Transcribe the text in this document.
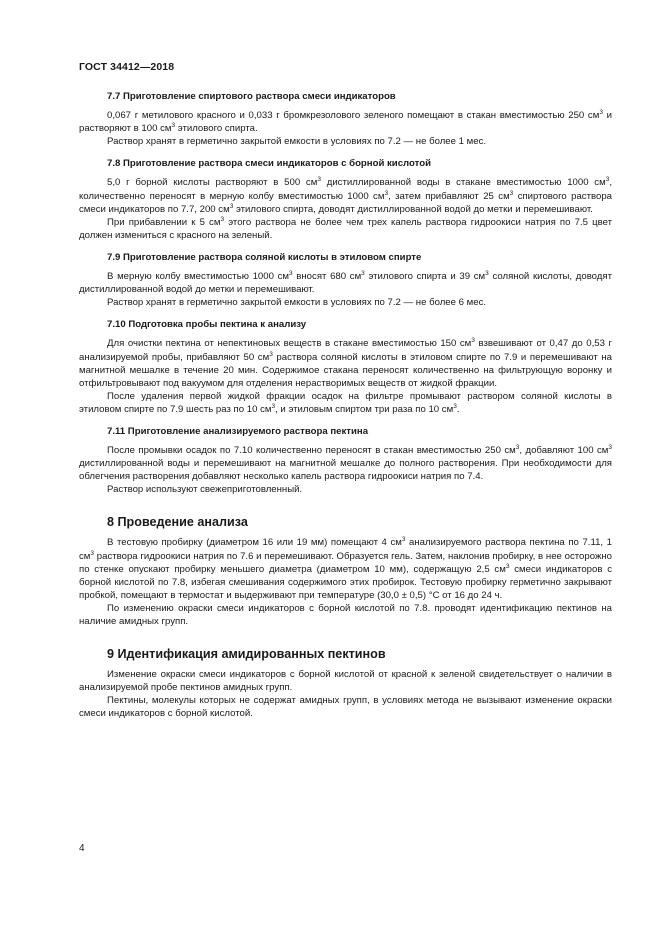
ГОСТ 34412—2018
7.7 Приготовление спиртового раствора смеси индикаторов

0,067 г метилового красного и 0,033 г бромкрезолового зеленого помещают в стакан вместимостью 250 $см^3$ и растворяют в 100 $см^3$ этилового спирта.

Раствор хранят в герметично закрытой емкости в условиях по 7.2 — не более 1 мес.

7.8 Приготовление раствора смеси индикаторов с борной кислотой

5,0 г борной кислоты растворяют в 500 $см^3$ дистиллированной воды в стакане вместимостью 1000 $см^3$, количественно переносят в мерную колбу вместимостью 1000 $см^3$, затем прибавляют 25 $см^3$ спиртового раствора смеси индикаторов по 7.7, 200 $см^3$ этилового спирта, доводят дистиллированной водой до метки и перемешивают.

При прибавлении к 5 $см^3$ этого раствора не более чем трех капель раствора гидроокиси натрия по 7.5 цвет должен измениться с красного на зеленый.

7.9 Приготовление раствора соляной кислоты в этиловом спирте

В мерную колбу вместимостью 1000 $см^3$ вносят 680 $см^3$ этилового спирта и 39 $см^3$ соляной кислоты, доводят дистиллированной водой до метки и перемешивают.

Раствор хранят в герметично закрытой емкости в условиях по 7.2 — не более 6 мес.

7.10 Подготовка пробы пектина к анализу

Для очистки пектина от непектиновых веществ в стакане вместимостью 150 $см^3$ взвешивают от 0,47 до 0,53 г анализируемой пробы, прибавляют 50 $см^3$ раствора соляной кислоты в этиловом спирте по 7.9 и перемешивают на магнитной мешалке в течение 20 мин. Содержимое стакана переносят количественно на фильтрующую воронку и отфильтровывают под вакуумом для отделения нерастворимых веществ от жидкой фракции.

После удаления первой жидкой фракции осадок на фильтре промывают раствором соляной кислоты в этиловом спирте по 7.9 шесть раз по 10 $см^3$, и этиловым спиртом три раза по 10 $см^3$.

7.11 Приготовление анализируемого раствора пектина

После промывки осадок по 7.10 количественно переносят в стакан вместимостью 250 $см^3$, добавляют 100 $см^3$ дистиллированной воды и перемешивают на магнитной мешалке до полного растворения. При необходимости для облегчения растворения добавляют несколько капель раствора гидроокиси натрия по 7.4.

Раствор используют свежеприготовленный.

8 Проведение анализа

В тестовую пробирку (диаметром 16 или 19 мм) помещают 4 $см^3$ анализируемого раствора пектина по 7.11, 1 $см^3$ раствора гидроокиси натрия по 7.6 и перемешивают. Образуется гель. Затем, наклонив пробирку, в нее осторожно по стенке опускают пробирку меньшего диаметра (диаметром 10 мм), содержащую 2,5 $см^3$ смеси индикаторов с борной кислотой по 7.8, избегая смешивания содержимого этих пробирок. Тестовую пробирку герметично закрывают пробкой, помещают в термостат и выдерживают при температуре (30,0 ± 0,5) °С от 16 до 24 ч.

По изменению окраски смеси индикаторов с борной кислотой по 7.8. проводят идентификацию пектинов на наличие амидных групп.

9 Идентификация амидированных пектинов

Изменение окраски смеси индикаторов с борной кислотой от красной к зеленой свидетельствует о наличии в анализируемой пробе пектинов амидных групп.

Пектины, молекулы которых не содержат амидных групп, в условиях метода не вызывают изменение окраски смеси индикаторов с борной кислотой.

4
